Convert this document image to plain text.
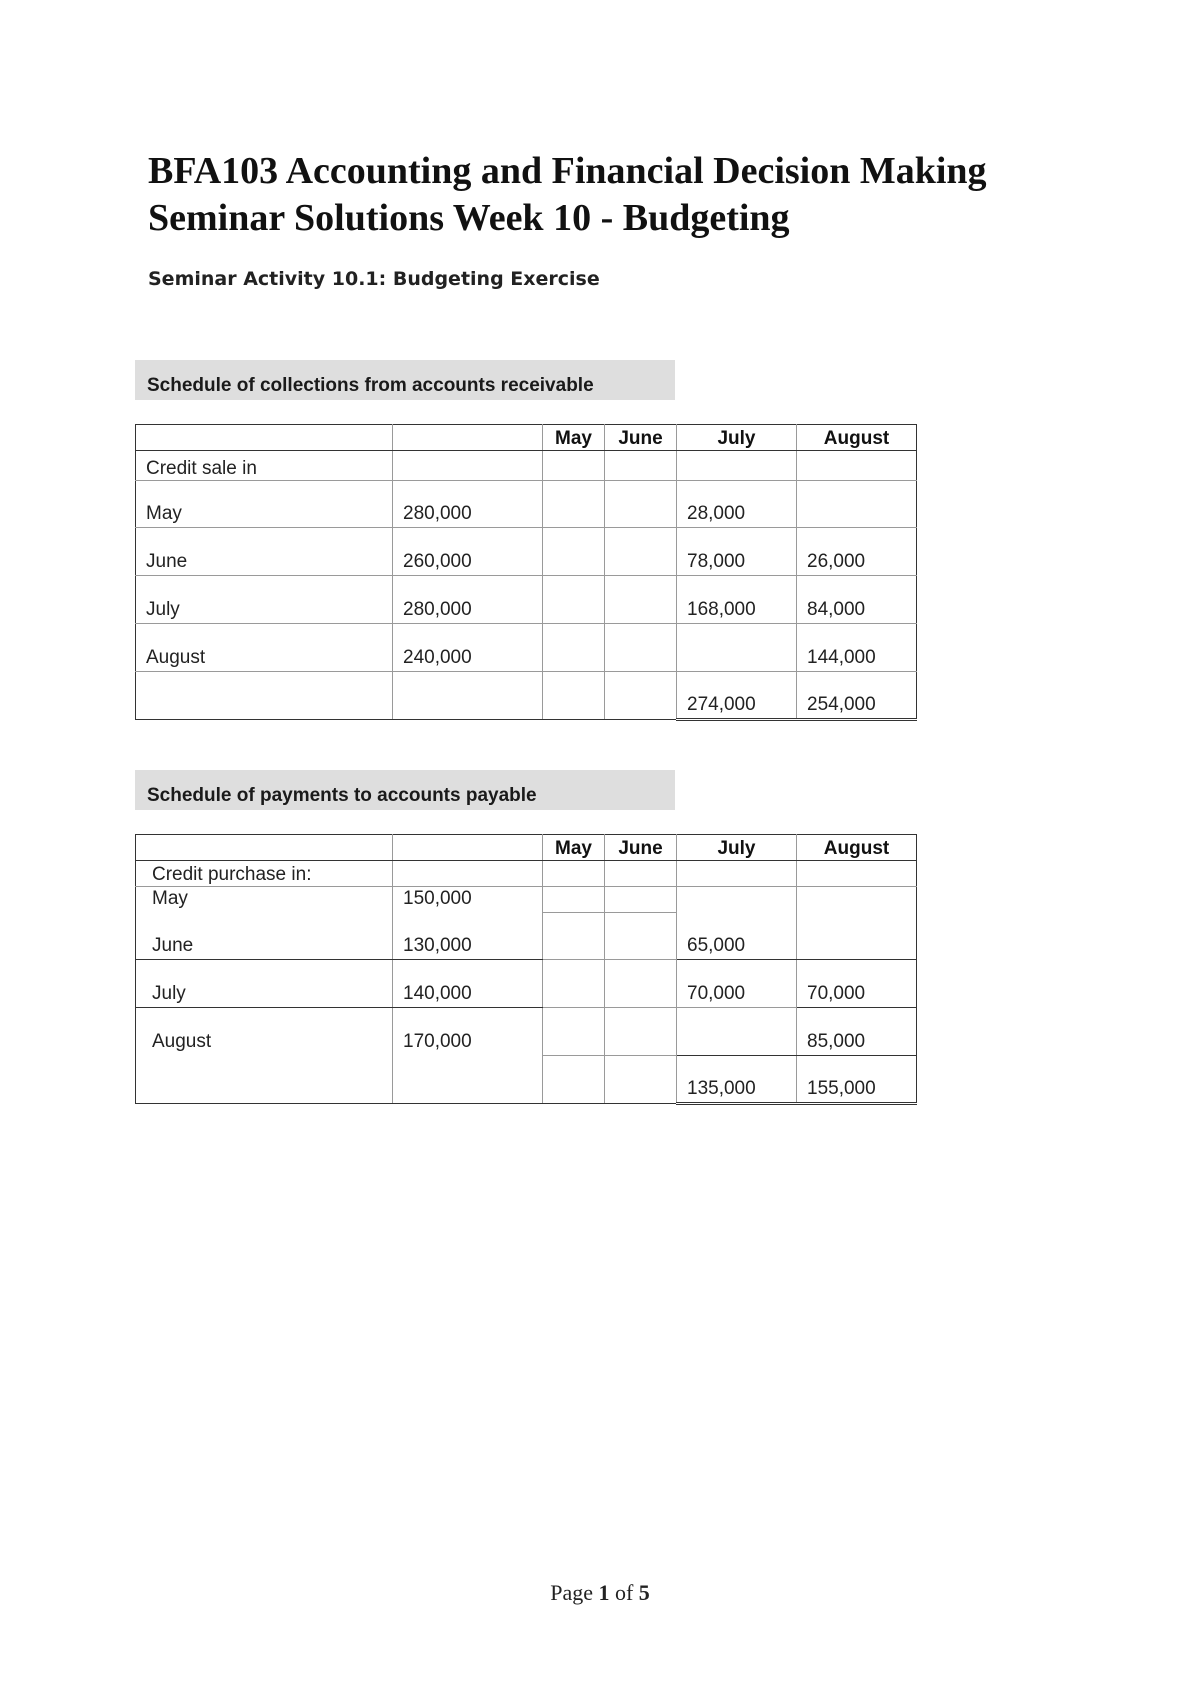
BFA103 Accounting and Financial Decision Making
Seminar Solutions Week 10 - Budgeting

Seminar Activity 10.1: Budgeting Exercise

Schedule of collections from accounts receivable
		May	June	July	August
Credit sale in					
May	280,000			28,000	
June	260,000			78,000	26,000
July	280,000			168,000	84,000
August	240,000				144,000
				274,000	254,000
Schedule of payments to accounts payable
		May	June	July	August
Credit purchase in:					
May	150,000				
June	130,000			65,000	
July	140,000			70,000	70,000
August	170,000				85,000
				135,000	155,000
Page 1 of 5
